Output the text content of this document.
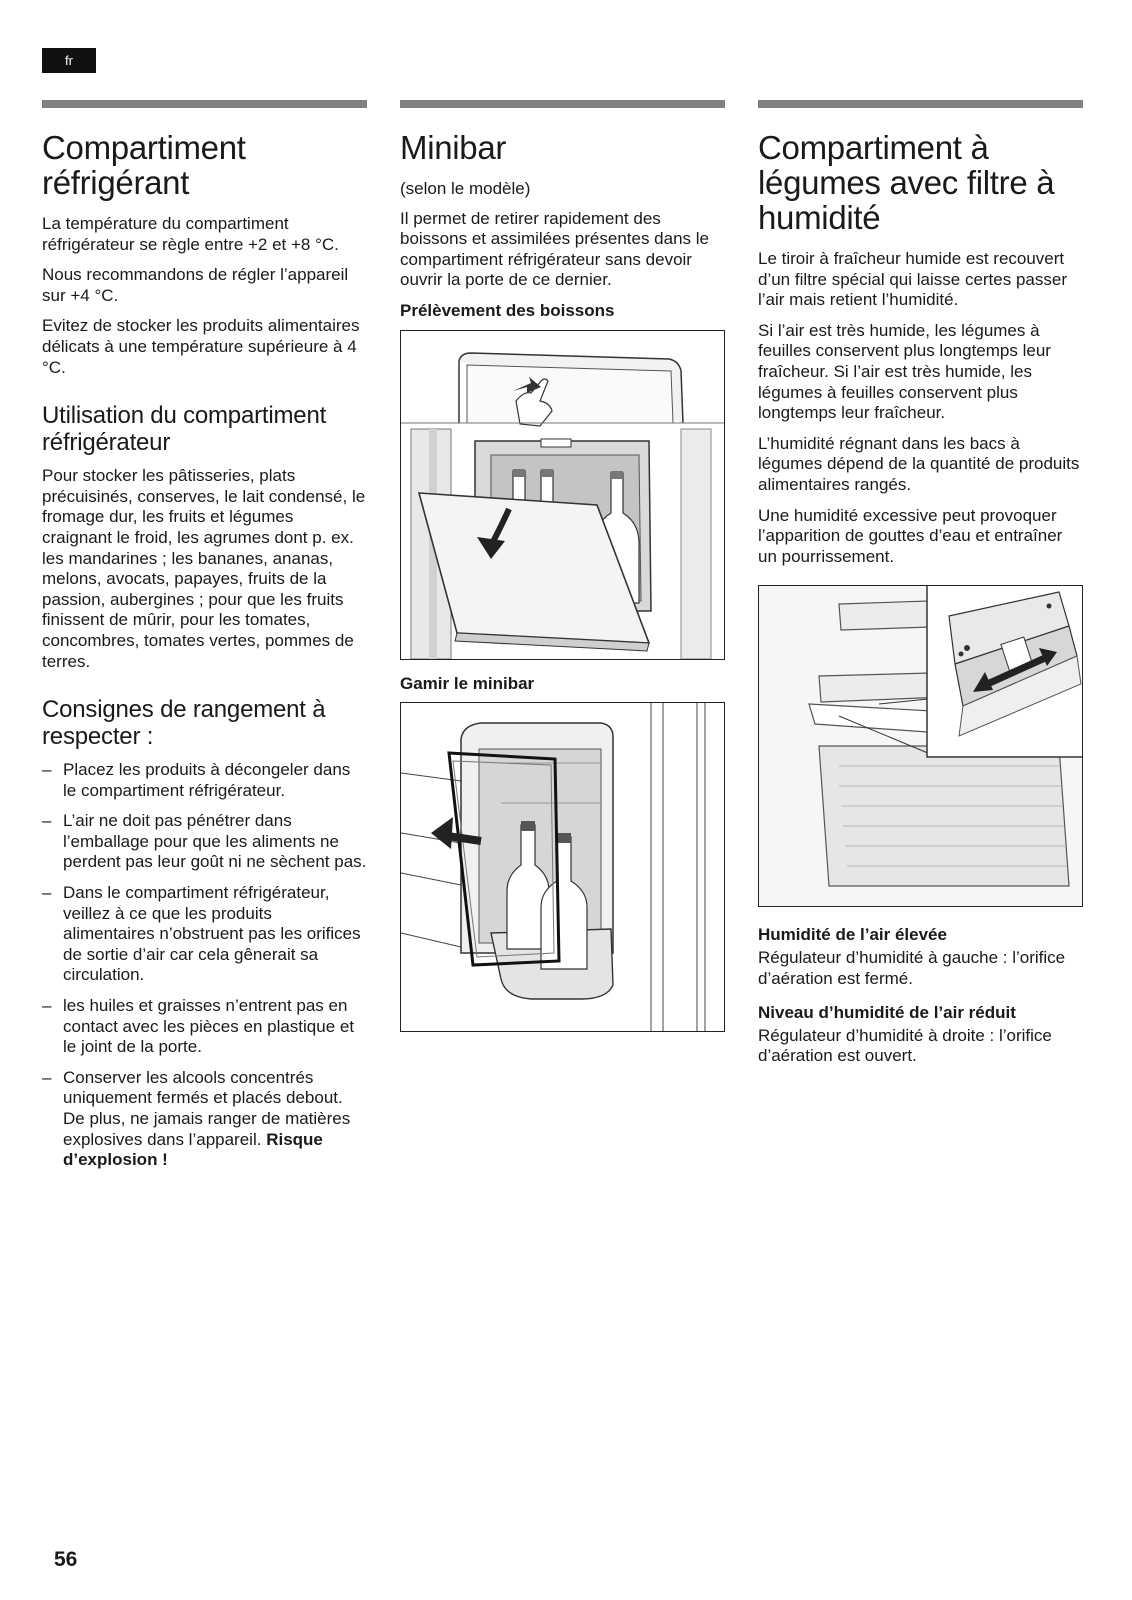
fr
Compartiment réfrigérant

La température du compartiment réfrigérateur se règle entre +2 et +8 °C.

Nous recommandons de régler l’appareil sur +4 °C.

Evitez de stocker les produits alimentaires délicats à une température supérieure à 4 °C.

Utilisation du compartiment réfrigérateur

Pour stocker les pâtisseries, plats précuisinés, conserves, le lait condensé, le fromage dur, les fruits et légumes craignant le froid, les agrumes dont p. ex. les mandarines ; les bananes, ananas, melons, avocats, papayes, fruits de la passion, aubergines ; pour que les fruits finissent de mûrir, pour les tomates, concombres, tomates vertes, pommes de terres.

Consignes de rangement à respecter :
– Placez les produits à décongeler dans le compartiment réfrigérateur.
– L’air ne doit pas pénétrer dans l’emballage pour que les aliments ne perdent pas leur goût ni ne sèchent pas.
– Dans le compartiment réfrigérateur, veillez à ce que les produits alimentaires n’obstruent pas les orifices de sortie d’air car cela gênerait sa circulation.
– les huiles et graisses n’entrent pas en contact avec les pièces en plastique et le joint de la porte.
– Conserver les alcools concentrés uniquement fermés et placés debout. De plus, ne jamais ranger de matières explosives dans l’appareil. Risque d’explosion !
Minibar

(selon le modèle)

Il permet de retirer rapidement des boissons et assimilées présentes dans le compartiment réfrigérateur sans devoir ouvrir la porte de ce dernier.

Prélèvement des boissons
Gamir le minibar
Compartiment à légumes avec filtre à humidité

Le tiroir à fraîcheur humide est recouvert d’un filtre spécial qui laisse certes passer l’air mais retient l’humidité.

Si l’air est très humide, les légumes à feuilles conservent plus longtemps leur fraîcheur. Si l’air est très humide, les légumes à feuilles conservent plus longtemps leur fraîcheur.

L’humidité régnant dans les bacs à légumes dépend de la quantité de produits alimentaires rangés.

Une humidité excessive peut provoquer l’apparition de gouttes d’eau et entraîner un pourrissement.

Humidité de l’air élevée

Régulateur d’humidité à gauche : l’orifice d’aération est fermé.

Niveau d’humidité de l’air réduit

Régulateur d’humidité à droite : l’orifice d’aération est ouvert.

56
